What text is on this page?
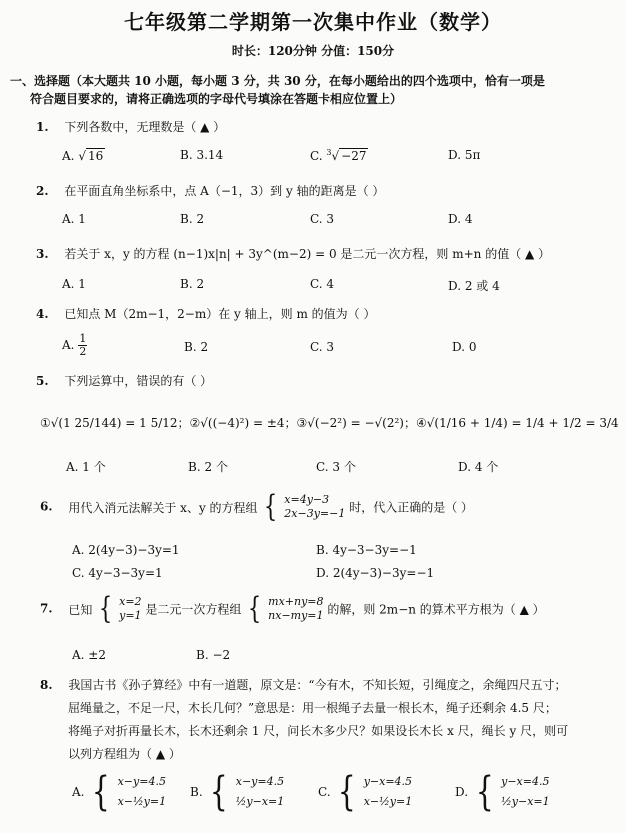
七年级第二学期第一次集中作业（数学）
时长：120分钟 分值：150分
一、选择题（本大题共 10 小题，每小题 3 分，共 30 分，在每小题给出的四个选项中，恰有一项是
符合题目要求的，请将正确选项的字母代号填涂在答题卡相应位置上）
1. 下列各数中，无理数是（ ▲ ）
A. √ 16	B. 3.14	C. $^3$√ −27	D. 5π
2. 在平面直角坐标系中，点 A（−1，3）到 y 轴的距离是（ ）
A. 1	B. 2	C. 3	D. 4
3. 若关于 x，y 的方程 (n−1)x|n| + 3y^(m−2) = 0 是二元一次方程，则 m+n 的值（ ▲ ）
A. 1	B. 2	C. 4	D. 2 或 4
4. 已知点 M（2m−1，2−m）在 y 轴上，则 m 的值为（ ）
A. $\frac{1}{2}$	B. 2	C. 3	D. 0
5. 下列运算中，错误的有（ ）
①√(1 25/144) = 1 5/12；②√((−4)²) = ±4；③√(−2²) = −√(2²)；④√(1/16 + 1/4) = 1/4 + 1/2 = 3/4
A. 1 个	B. 2 个	C. 3 个	D. 4 个
6. 用代入消元法解关于 x、y 的方程组 { x=4y−3
2x−3y=−1 时，代入正确的是（ ）
A. 2(4y−3)−3y=1	B. 4y−3−3y=−1
C. 4y−3−3y=1	D. 2(4y−3)−3y=−1
7. 已知 { x=2
y=1 是二元一次方程组 { mx+ny=8
nx−my=1 的解，则 2m−n 的算术平方根为（ ▲ ）
A. ±2	B. −2
8. 我国古书《孙子算经》中有一道题，原文是：“今有木，不知长短，引绳度之，余绳四尺五寸；
屈绳量之，不足一尺，木长几何？”意思是：用一根绳子去量一根长木，绳子还剩余 4.5 尺；
将绳子对折再量长木，长木还剩余 1 尺，问长木多少尺？如果设长木长 x 尺，绳长 y 尺，则可
以列方程组为（ ▲ ）
A. { x−y=4.5
x−½y=1
B. { x−y=4.5
½y−x=1
C. { y−x=4.5
x−½y=1
D. { y−x=4.5
½y−x=1
